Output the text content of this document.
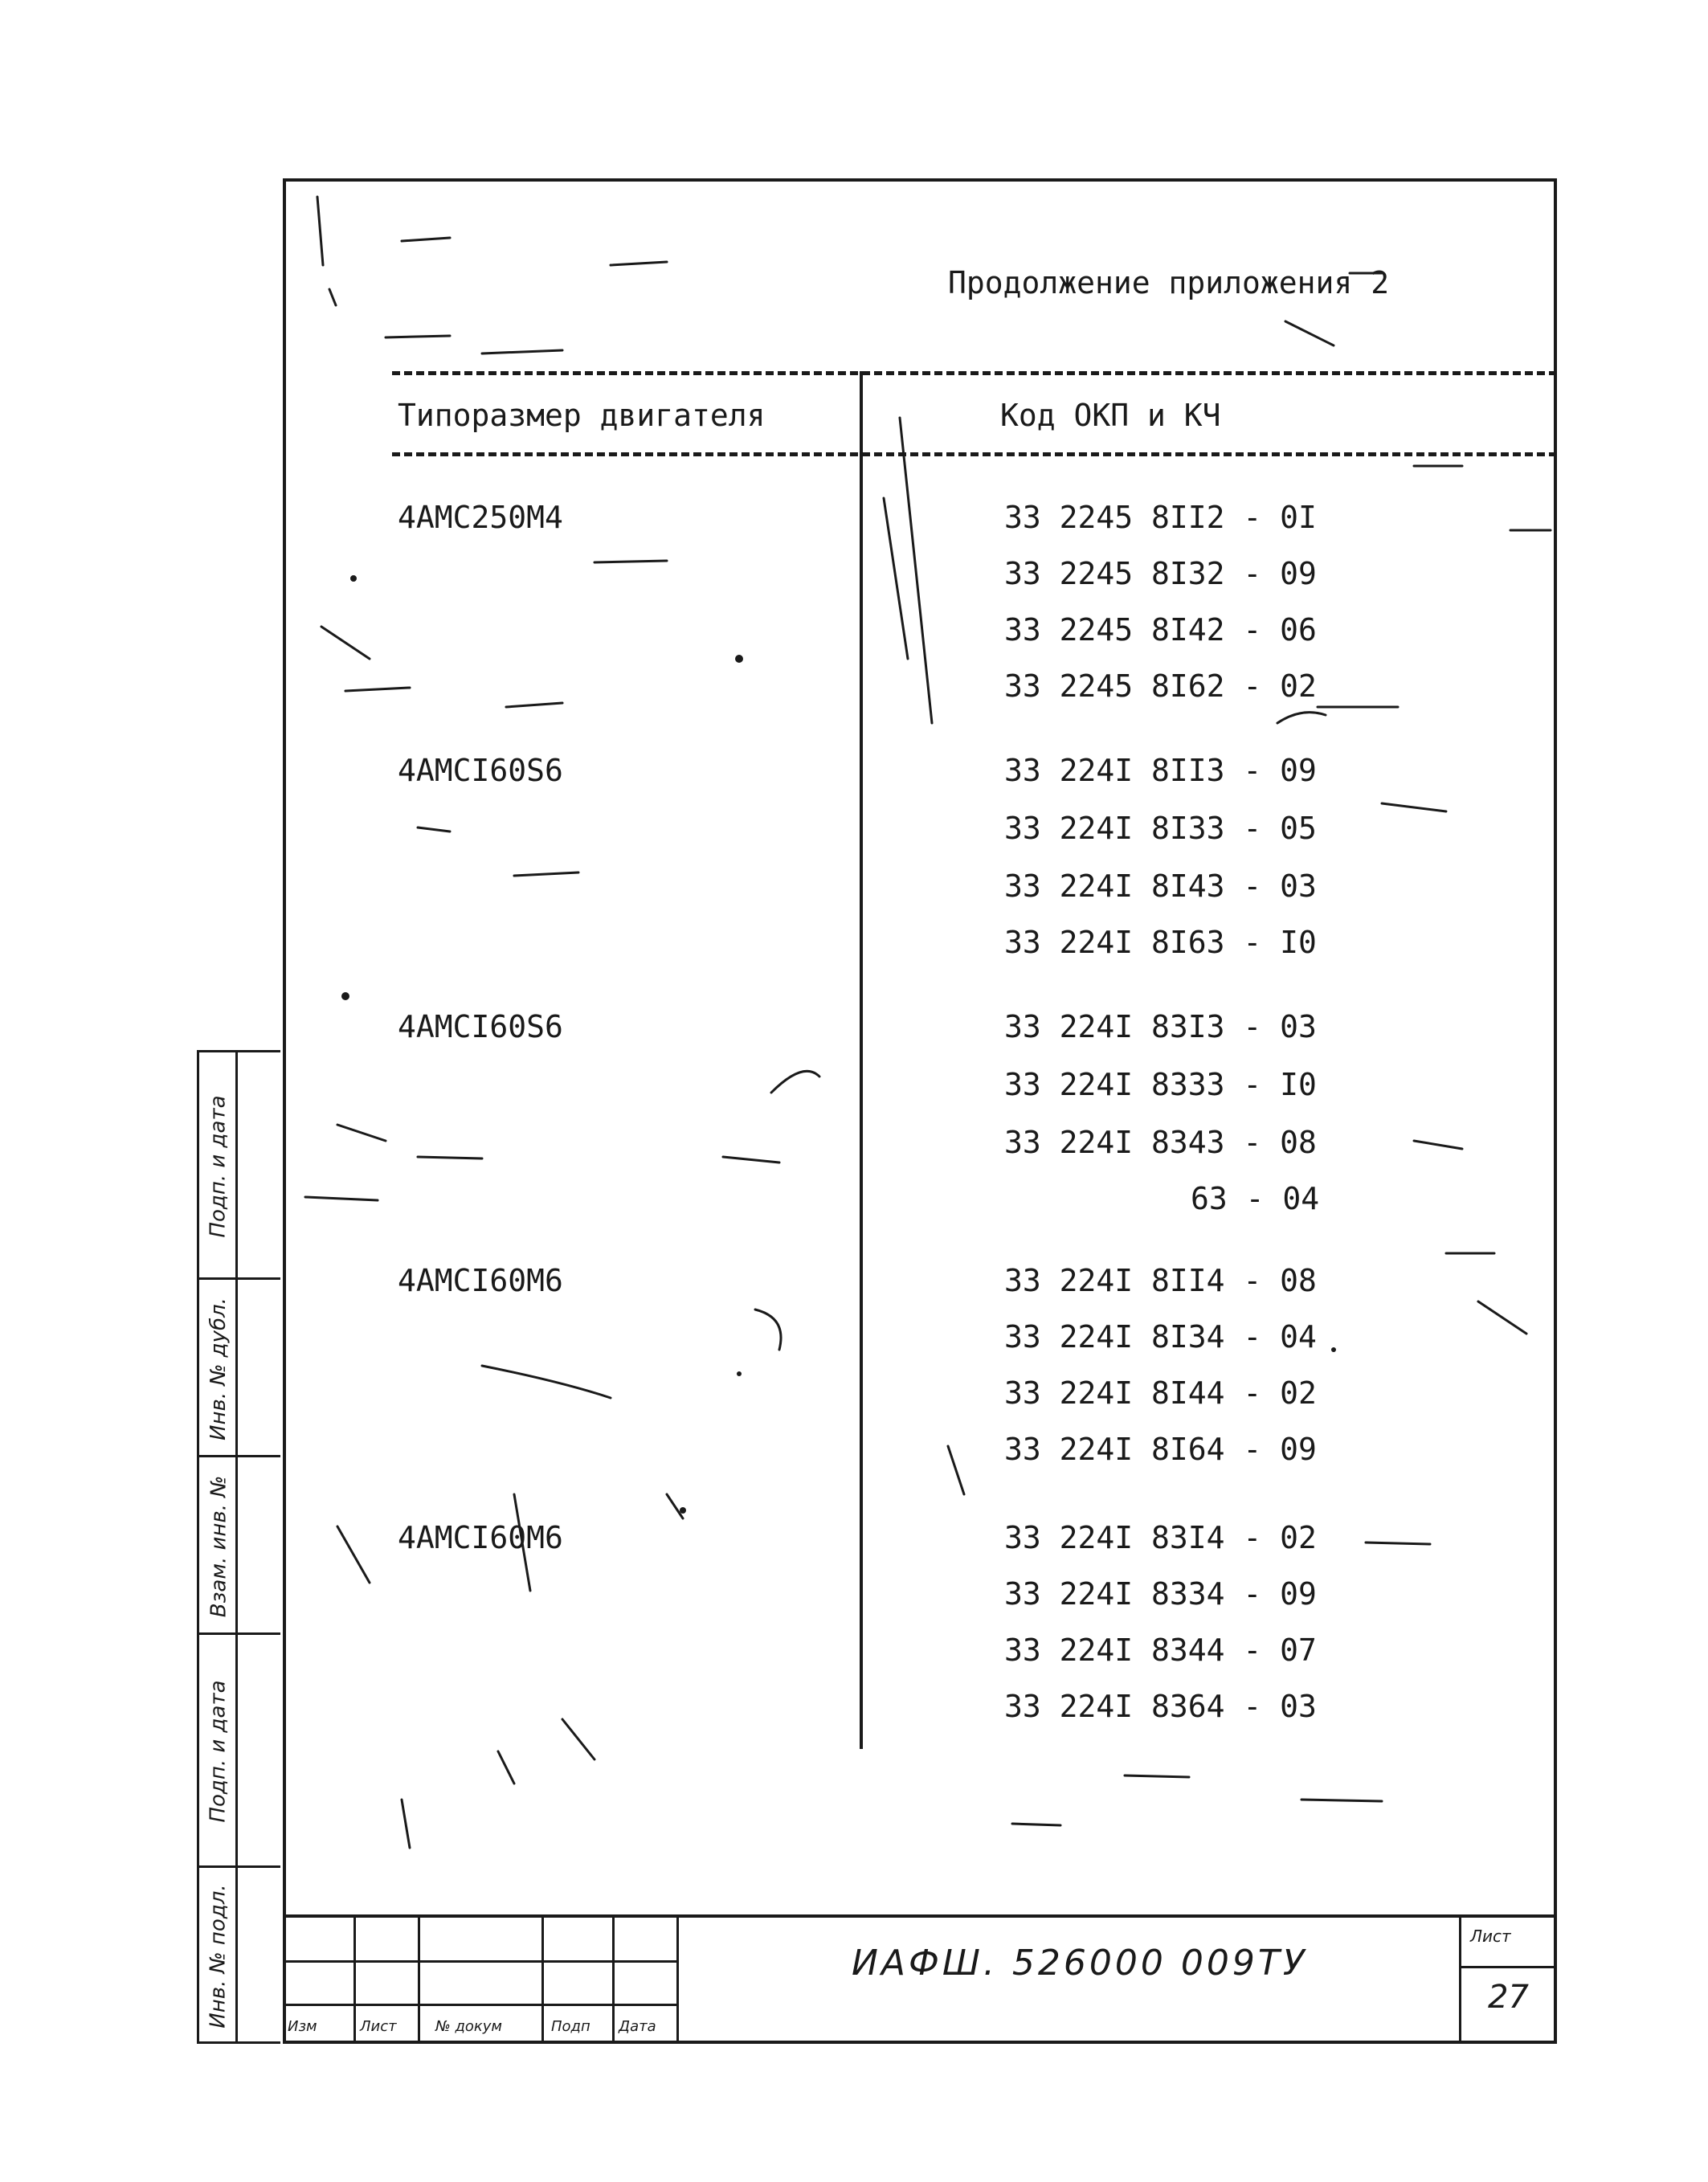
Подп. и дата
Инв. № дубл.
Взам. инв. №
Подп. и дата
Инв. № подл.
Продолжение приложения 2
Типоразмер двигателя	Код ОКП и КЧ
4АМС250М4	33 2245 8II2 - 0I
33 2245 8I32 - 09
33 2245 8I42 - 06
33 2245 8I62 - 02
4АМСI60S6	33 224I 8II3 - 09
33 224I 8I33 - 05
33 224I 8I43 - 03
33 224I 8I63 - I0
4АМСI60S6	33 224I 83I3 - 03
33 224I 8333 - I0
33 224I 8343 - 08
63 - 04
4АМСI60М6	33 224I 8II4 - 08
33 224I 8I34 - 04
33 224I 8I44 - 02
33 224I 8I64 - 09
4АМСI60М6	33 224I 83I4 - 02
33 224I 8334 - 09
33 224I 8344 - 07
33 224I 8364 - 03
Изм	Лист	№ докум	Подп Дата
ИАФШ. 526000 009ТУ
Лист
27
